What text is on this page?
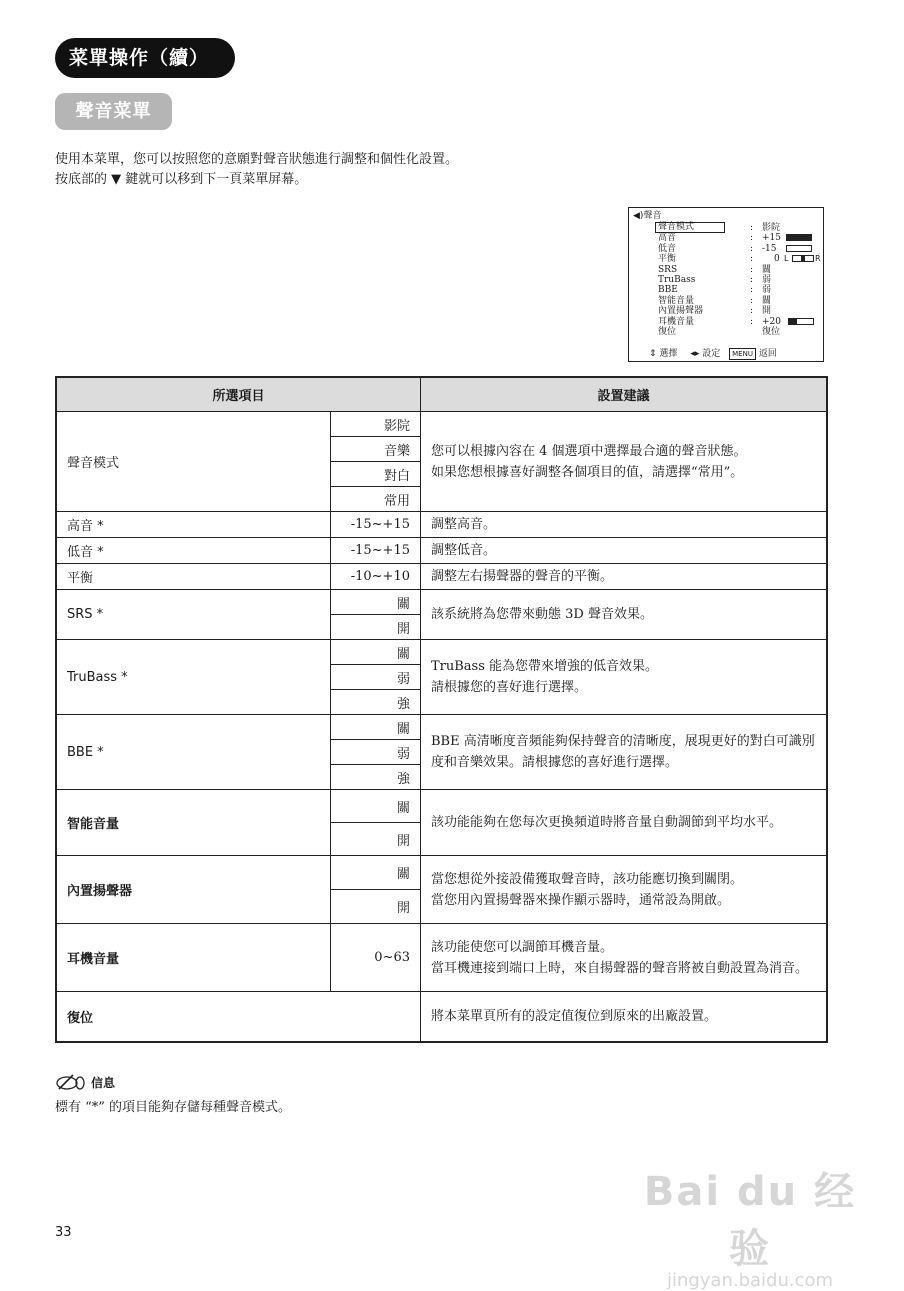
菜單操作（續）
聲音菜單

使用本菜單，您可以按照您的意願對聲音狀態進行調整和個性化設置。

按底部的 ▼ 鍵就可以移到下一頁菜單屏幕。

◀)聲音
聲音模式	: 影院
高音	: +15
低音	: -15
平衡	: 0 L	R
SRS	: 關
TruBass	: 弱
BBE	: 弱
智能音量	: 關
內置揚聲器	: 開
耳機音量	: +20
復位	復位
⇕ 選擇 ◂▸ 設定 MENU 返回
所選項目		設置建議
聲音模式	影院	您可以根據內容在 4 個選項中選擇最合適的聲音狀態。
如果您想根據喜好調整各個項目的值，請選擇“常用”。

	音樂	
	對白	
	常用	
高音 *	-15~+15	調整高音。
低音 *	-15~+15	調整低音。
平衡	-10~+10	調整左右揚聲器的聲音的平衡。
SRS *	關	該系統將為您帶來動態 3D 聲音效果。
	開	
TruBass *	關	TruBass 能為您帶來增強的低音效果。
請根據您的喜好進行選擇。

	弱	
	強	
BBE *	關	BBE 高清晰度音頻能夠保持聲音的清晰度，展現更好的對白可識別度和音樂效果。請根據您的喜好進行選擇。
	弱	
	強	
智能音量	關	該功能能夠在您每次更換頻道時將音量自動調節到平均水平。
	開	
內置揚聲器	關	當您想從外接設備獲取聲音時，該功能應切換到關閉。
當您用內置揚聲器來操作顯示器時，通常設為開啟。

	開	
耳機音量	0~63	該功能使您可以調節耳機音量。
當耳機連接到端口上時，來自揚聲器的聲音將被自動設置為消音。

復位		將本菜單頁所有的設定值復位到原來的出廠設置。
信息
標有 “*” 的項目能夠存儲每種聲音模式。
33
Bai du 经验
jingyan.baidu.com
